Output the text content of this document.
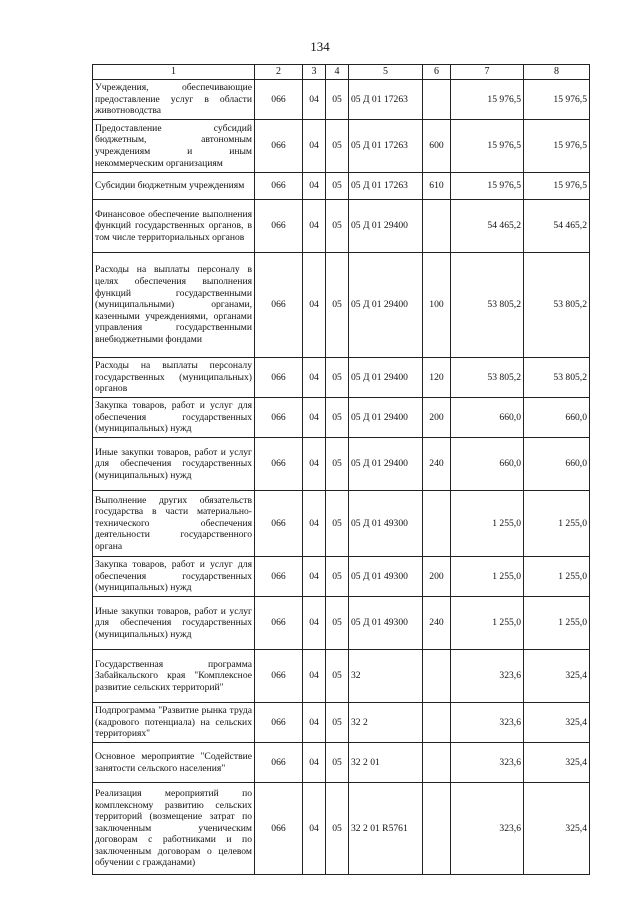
134
1	2	3	4	5	6	7	8
Учреждения, обеспечивающие предоставление услуг в области животноводства	066	04	05	05 Д 01 17263		15 976,5	15 976,5
Предоставление субсидий бюджетным, автономным учреждениям и иным некоммерческим организациям	066	04	05	05 Д 01 17263	600	15 976,5	15 976,5
Субсидии бюджетным учреждениям	066	04	05	05 Д 01 17263	610	15 976,5	15 976,5
Финансовое обеспечение выполнения функций государственных органов, в том числе территориальных органов	066	04	05	05 Д 01 29400		54 465,2	54 465,2
Расходы на выплаты персоналу в целях обеспечения выполнения функций государственными (муниципальными) органами, казенными учреждениями, органами управления государственными внебюджетными фондами	066	04	05	05 Д 01 29400	100	53 805,2	53 805,2
Расходы на выплаты персоналу государственных (муниципальных) органов	066	04	05	05 Д 01 29400	120	53 805,2	53 805,2
Закупка товаров, работ и услуг для обеспечения государственных (муниципальных) нужд	066	04	05	05 Д 01 29400	200	660,0	660,0
Иные закупки товаров, работ и услуг для обеспечения государственных (муниципальных) нужд	066	04	05	05 Д 01 29400	240	660,0	660,0
Выполнение других обязательств государства в части материально-технического обеспечения деятельности государственного органа	066	04	05	05 Д 01 49300		1 255,0	1 255,0
Закупка товаров, работ и услуг для обеспечения государственных (муниципальных) нужд	066	04	05	05 Д 01 49300	200	1 255,0	1 255,0
Иные закупки товаров, работ и услуг для обеспечения государственных (муниципальных) нужд	066	04	05	05 Д 01 49300	240	1 255,0	1 255,0
Государственная программа Забайкальского края "Комплексное развитие сельских территорий"	066	04	05	32		323,6	325,4
Подпрограмма "Развитие рынка труда (кадрового потенциала) на сельских территориях"	066	04	05	32 2		323,6	325,4
Основное мероприятие "Содействие занятости сельского населения"	066	04	05	32 2 01		323,6	325,4
Реализация мероприятий по комплексному развитию сельских территорий (возмещение затрат по заключенным ученическим договорам с работниками и по заключенным договорам о целевом обучении с гражданами)	066	04	05	32 2 01 R5761		323,6	325,4
